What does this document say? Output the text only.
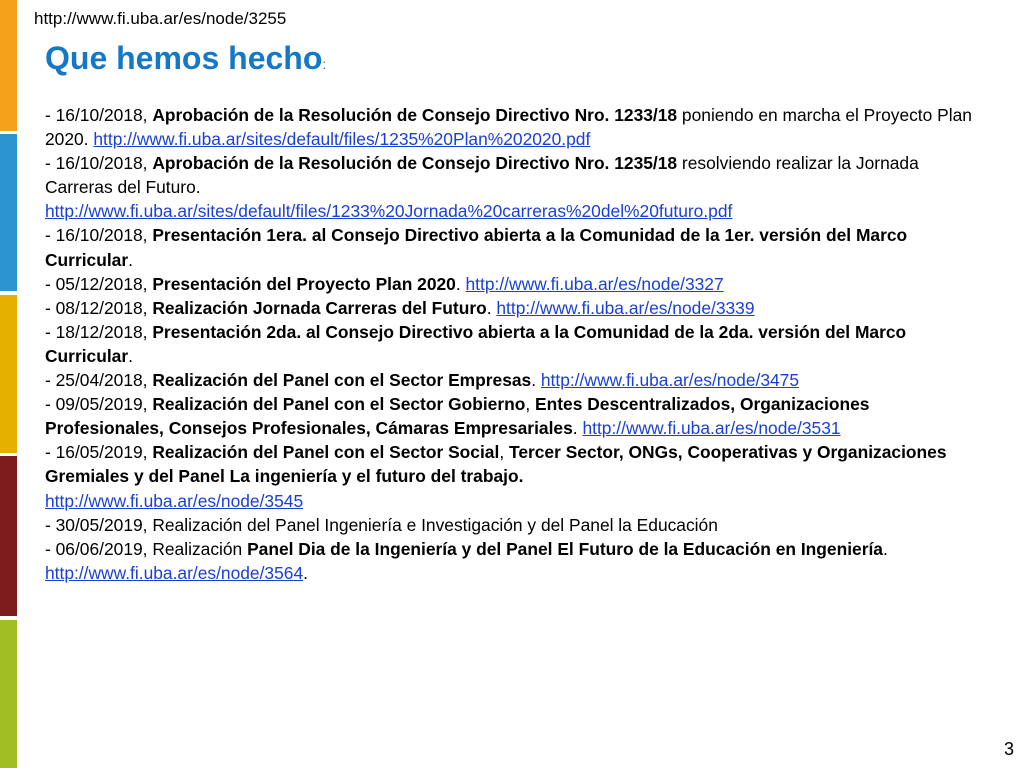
http://www.fi.uba.ar/es/node/3255
Que hemos hecho:

- 16/10/2018, Aprobación de la Resolución de Consejo Directivo Nro. 1233/18 poniendo en marcha el Proyecto Plan 2020. http://www.fi.uba.ar/sites/default/files/1235%20Plan%202020.pdf

- 16/10/2018, Aprobación de la Resolución de Consejo Directivo Nro. 1235/18 resolviendo realizar la Jornada Carreras del Futuro.
http://www.fi.uba.ar/sites/default/files/1233%20Jornada%20carreras%20del%20futuro.pdf

- 16/10/2018, Presentación 1era. al Consejo Directivo abierta a la Comunidad de la 1er. versión del Marco Curricular.

- 05/12/2018, Presentación del Proyecto Plan 2020. http://www.fi.uba.ar/es/node/3327

- 08/12/2018, Realización Jornada Carreras del Futuro. http://www.fi.uba.ar/es/node/3339

- 18/12/2018, Presentación 2da. al Consejo Directivo abierta a la Comunidad de la 2da. versión del Marco Curricular.

- 25/04/2018, Realización del Panel con el Sector Empresas. http://www.fi.uba.ar/es/node/3475

- 09/05/2019, Realización del Panel con el Sector Gobierno, Entes Descentralizados, Organizaciones Profesionales, Consejos Profesionales, Cámaras Empresariales. http://www.fi.uba.ar/es/node/3531

- 16/05/2019, Realización del Panel con el Sector Social, Tercer Sector, ONGs, Cooperativas y Organizaciones Gremiales y del Panel La ingeniería y el futuro del trabajo.
http://www.fi.uba.ar/es/node/3545

- 30/05/2019, Realización del Panel Ingeniería e Investigación y del Panel la Educación

- 06/06/2019, Realización Panel Dia de la Ingeniería y del Panel El Futuro de la Educación en Ingeniería. http://www.fi.uba.ar/es/node/3564.

3
